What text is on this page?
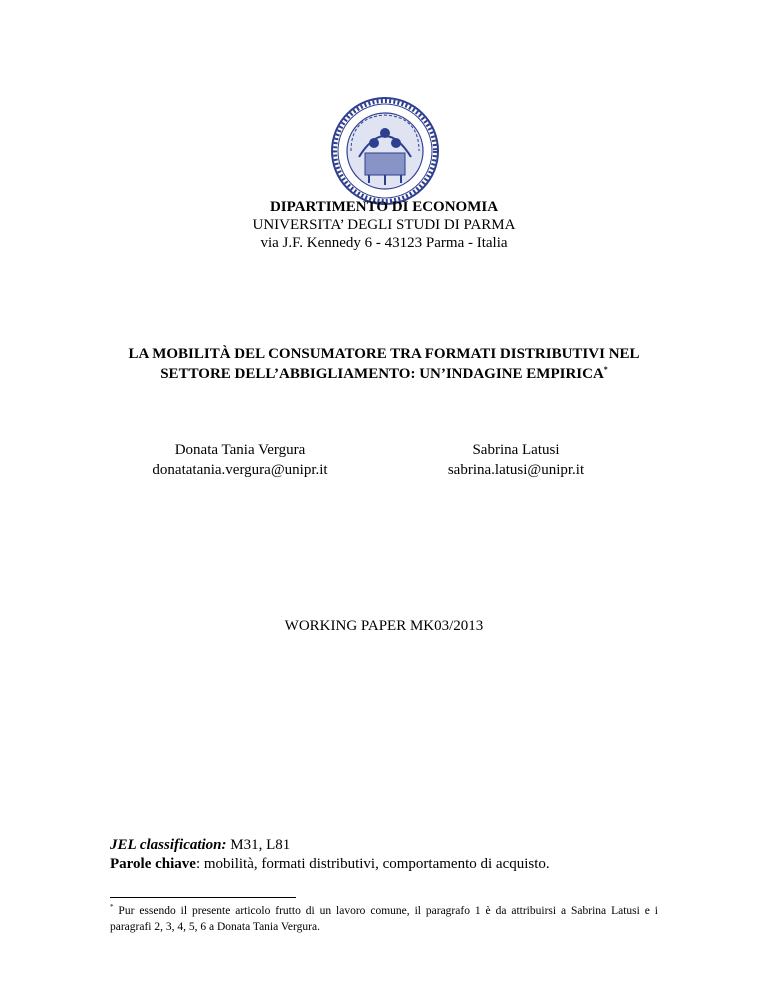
DIPARTIMENTO DI ECONOMIA
UNIVERSITA’ DEGLI STUDI DI PARMA
via J.F. Kennedy 6 - 43123 Parma - Italia
LA MOBILITÀ DEL CONSUMATORE TRA FORMATI DISTRIBUTIVI NEL
SETTORE DELL’ABBIGLIAMENTO: UN’INDAGINE EMPIRICA*
Donata Tania Vergura
donatatania.vergura@unipr.it
Sabrina Latusi
sabrina.latusi@unipr.it
WORKING PAPER MK03/2013
JEL classification: M31, L81
Parole chiave: mobilità, formati distributivi, comportamento di acquisto.
* Pur essendo il presente articolo frutto di un lavoro comune, il paragrafo 1 è da attribuirsi a Sabrina Latusi e i paragrafi 2, 3, 4, 5, 6 a Donata Tania Vergura.
